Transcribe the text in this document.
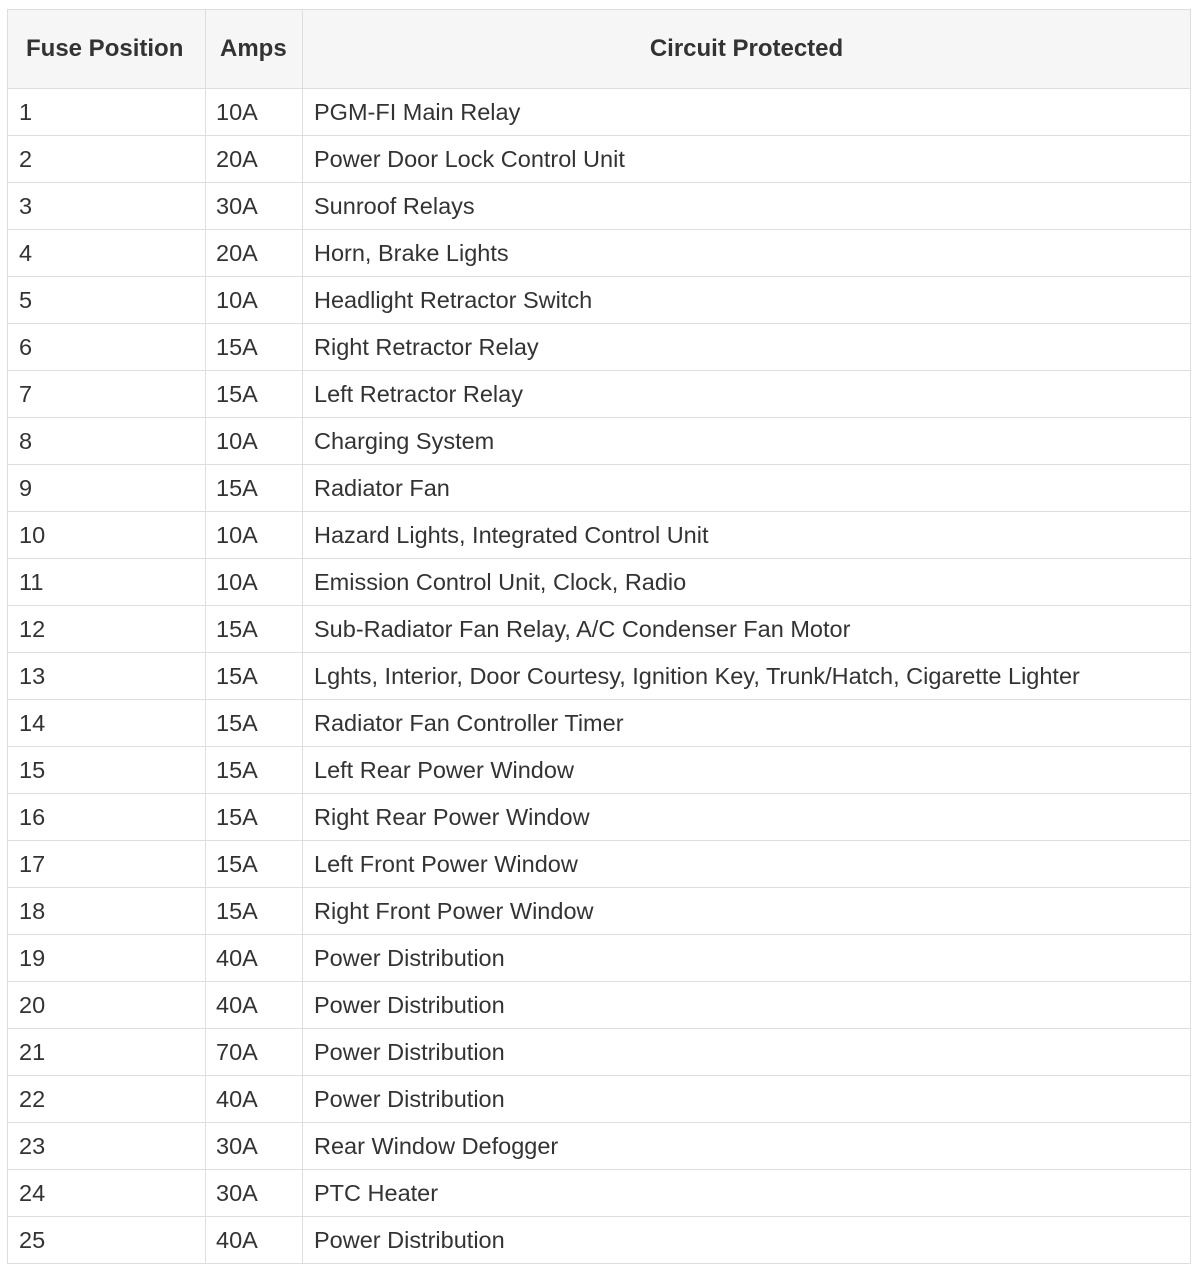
Fuse Position	Amps	Circuit Protected
1	10A	PGM-FI Main Relay
2	20A	Power Door Lock Control Unit
3	30A	Sunroof Relays
4	20A	Horn, Brake Lights
5	10A	Headlight Retractor Switch
6	15A	Right Retractor Relay
7	15A	Left Retractor Relay
8	10A	Charging System
9	15A	Radiator Fan
10	10A	Hazard Lights, Integrated Control Unit
11	10A	Emission Control Unit, Clock, Radio
12	15A	Sub-Radiator Fan Relay, A/C Condenser Fan Motor
13	15A	Lghts, Interior, Door Courtesy, Ignition Key, Trunk/Hatch, Cigarette Lighter
14	15A	Radiator Fan Controller Timer
15	15A	Left Rear Power Window
16	15A	Right Rear Power Window
17	15A	Left Front Power Window
18	15A	Right Front Power Window
19	40A	Power Distribution
20	40A	Power Distribution
21	70A	Power Distribution
22	40A	Power Distribution
23	30A	Rear Window Defogger
24	30A	PTC Heater
25	40A	Power Distribution
